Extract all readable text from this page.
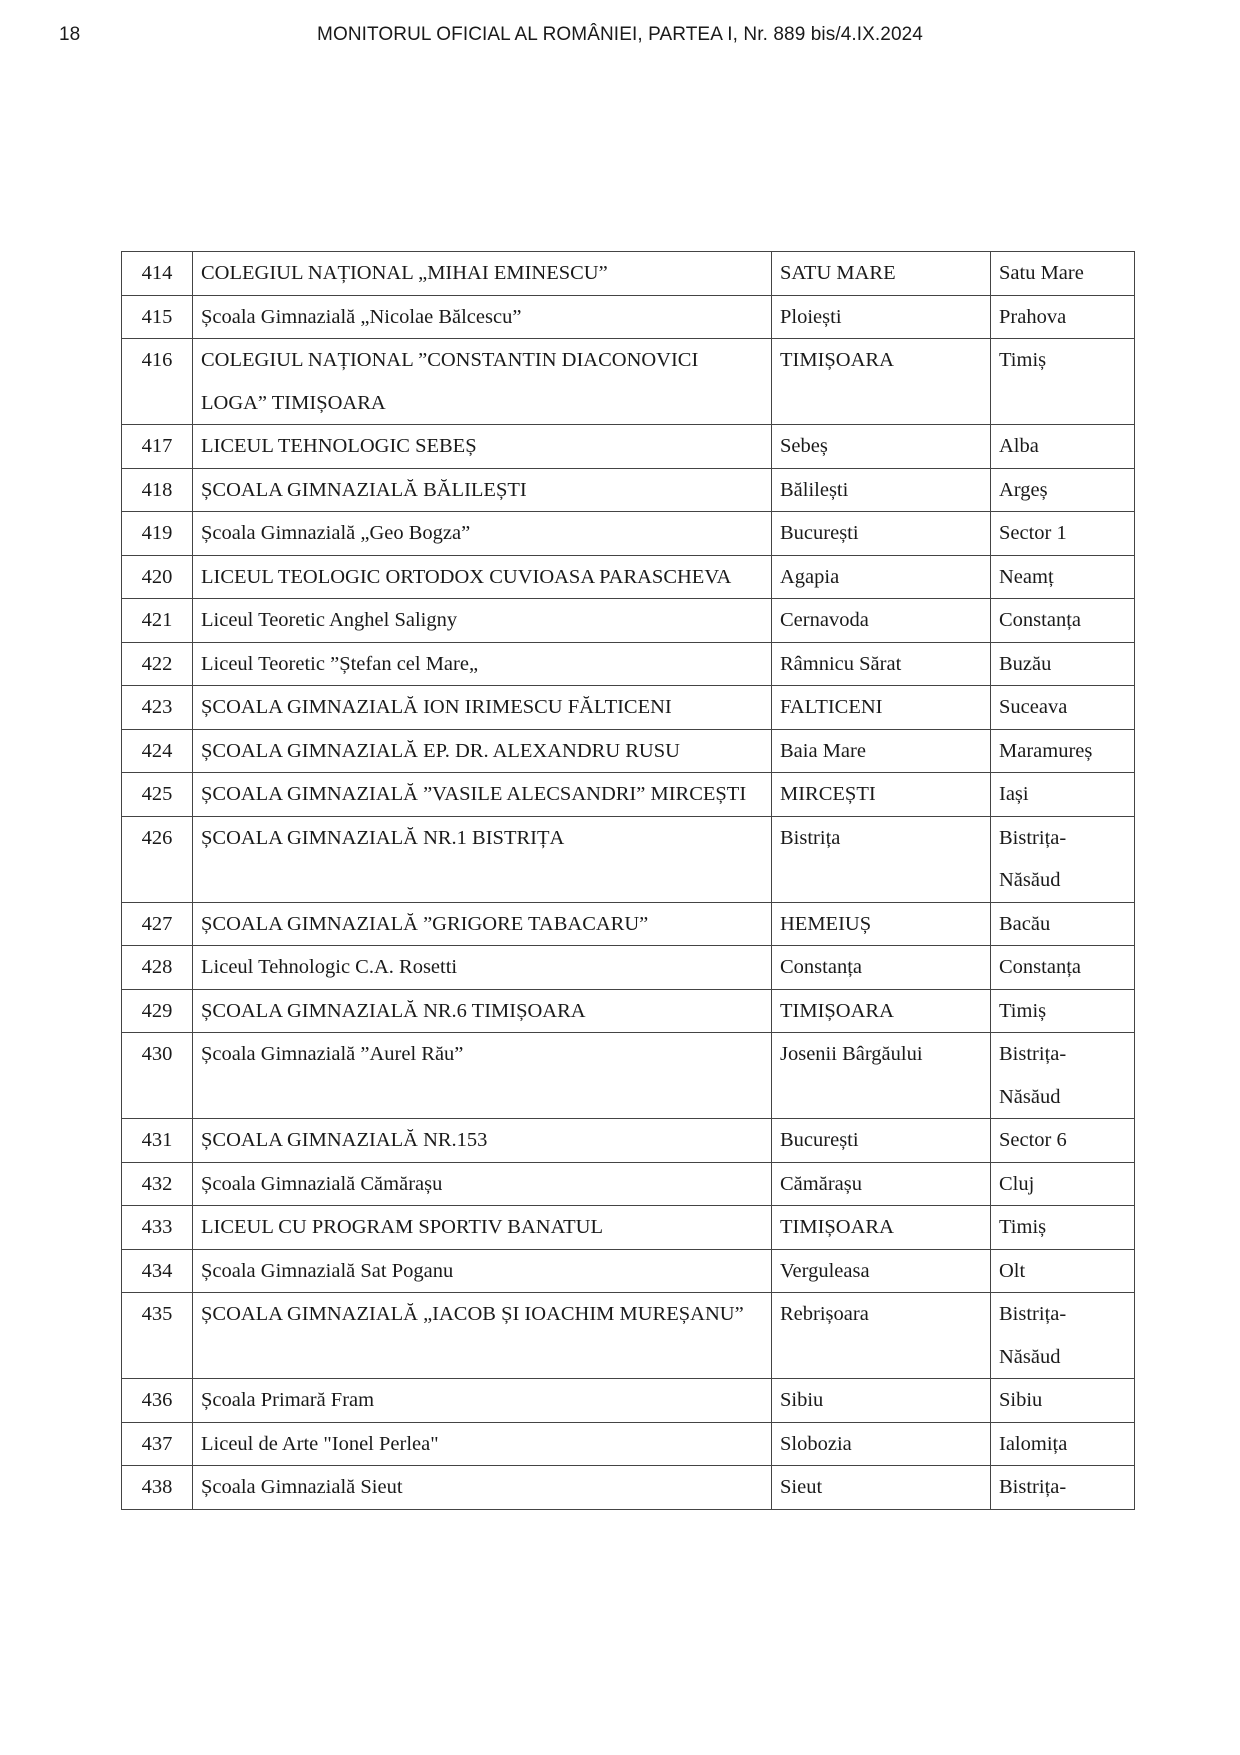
18	MONITORUL OFICIAL AL ROMÂNIEI, PARTEA I, Nr. 889 bis/4.IX.2024
414	COLEGIUL NAȚIONAL „MIHAI EMINESCU”	SATU MARE	Satu Mare
415	Școala Gimnazială „Nicolae Bălcescu”	Ploiești	Prahova
416	COLEGIUL NAȚIONAL ”CONSTANTIN DIACONOVICI LOGA” TIMIȘOARA	TIMIȘOARA	Timiș
417	LICEUL TEHNOLOGIC SEBEȘ	Sebeș	Alba
418	ȘCOALA GIMNAZIALĂ BĂLILEȘTI	Bălilești	Argeș
419	Școala Gimnazială „Geo Bogza”	București	Sector 1
420	LICEUL TEOLOGIC ORTODOX CUVIOASA PARASCHEVA	Agapia	Neamț
421	Liceul Teoretic Anghel Saligny	Cernavoda	Constanța
422	Liceul Teoretic ”Ștefan cel Mare„	Râmnicu Sărat	Buzău
423	ȘCOALA GIMNAZIALĂ ION IRIMESCU FĂLTICENI	FALTICENI	Suceava
424	ȘCOALA GIMNAZIALĂ EP. DR. ALEXANDRU RUSU	Baia Mare	Maramureș
425	ȘCOALA GIMNAZIALĂ ”VASILE ALECSANDRI” MIRCEȘTI	MIRCEȘTI	Iași
426	ȘCOALA GIMNAZIALĂ NR.1 BISTRIȚA	Bistrița	Bistrița-Năsăud
427	ȘCOALA GIMNAZIALĂ ”GRIGORE TABACARU”	HEMEIUȘ	Bacău
428	Liceul Tehnologic C.A. Rosetti	Constanța	Constanța
429	ȘCOALA GIMNAZIALĂ NR.6 TIMIȘOARA	TIMIȘOARA	Timiș
430	Școala Gimnazială ”Aurel Rău”	Josenii Bârgăului	Bistrița-Năsăud
431	ȘCOALA GIMNAZIALĂ NR.153	București	Sector 6
432	Școala Gimnazială Cămărașu	Cămărașu	Cluj
433	LICEUL CU PROGRAM SPORTIV BANATUL	TIMIȘOARA	Timiș
434	Școala Gimnazială Sat Poganu	Verguleasa	Olt
435	ȘCOALA GIMNAZIALĂ „IACOB ȘI IOACHIM MUREȘANU”	Rebrișoara	Bistrița-Năsăud
436	Școala Primară Fram	Sibiu	Sibiu
437	Liceul de Arte "Ionel Perlea"	Slobozia	Ialomița
438	Școala Gimnazială Sieut	Sieut	Bistrița-
